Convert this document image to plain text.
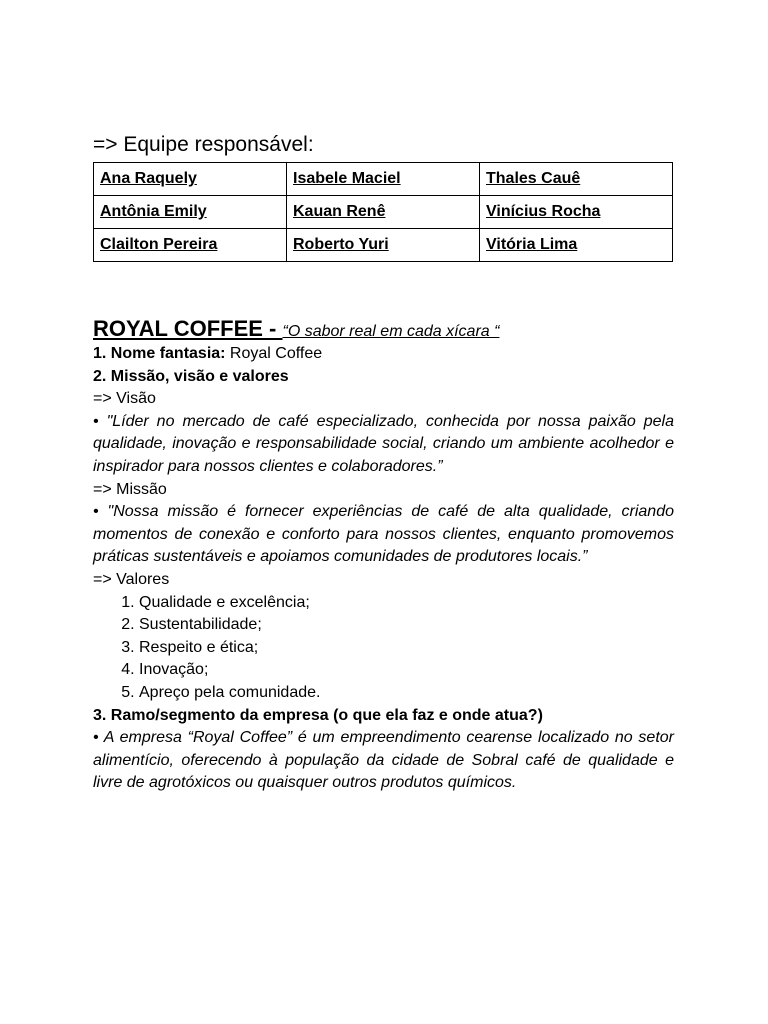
=> Equipe responsável:
Ana Raquely	Isabele Maciel	Thales Cauê
Antônia Emily	Kauan Renê	Vinícius Rocha
Clailton Pereira	Roberto Yuri	Vitória Lima
ROYAL COFFEE - “O sabor real em cada xícara “
1. Nome fantasia: Royal Coffee
2. Missão, visão e valores
=> Visão
• "Líder no mercado de café especializado, conhecida por nossa paixão pela qualidade, inovação e responsabilidade social, criando um ambiente acolhedor e inspirador para nossos clientes e colaboradores.”
=> Missão
• "Nossa missão é fornecer experiências de café de alta qualidade, criando momentos de conexão e conforto para nossos clientes, enquanto promovemos práticas sustentáveis e apoiamos comunidades de produtores locais.”
=> Valores
1. Qualidade e excelência;
2. Sustentabilidade;
3. Respeito e ética;
4. Inovação;
5. Apreço pela comunidade.
3. Ramo/segmento da empresa (o que ela faz e onde atua?)
• A empresa “Royal Coffee” é um empreendimento cearense localizado no setor alimentício, oferecendo à população da cidade de Sobral café de qualidade e livre de agrotóxicos ou quaisquer outros produtos químicos.
